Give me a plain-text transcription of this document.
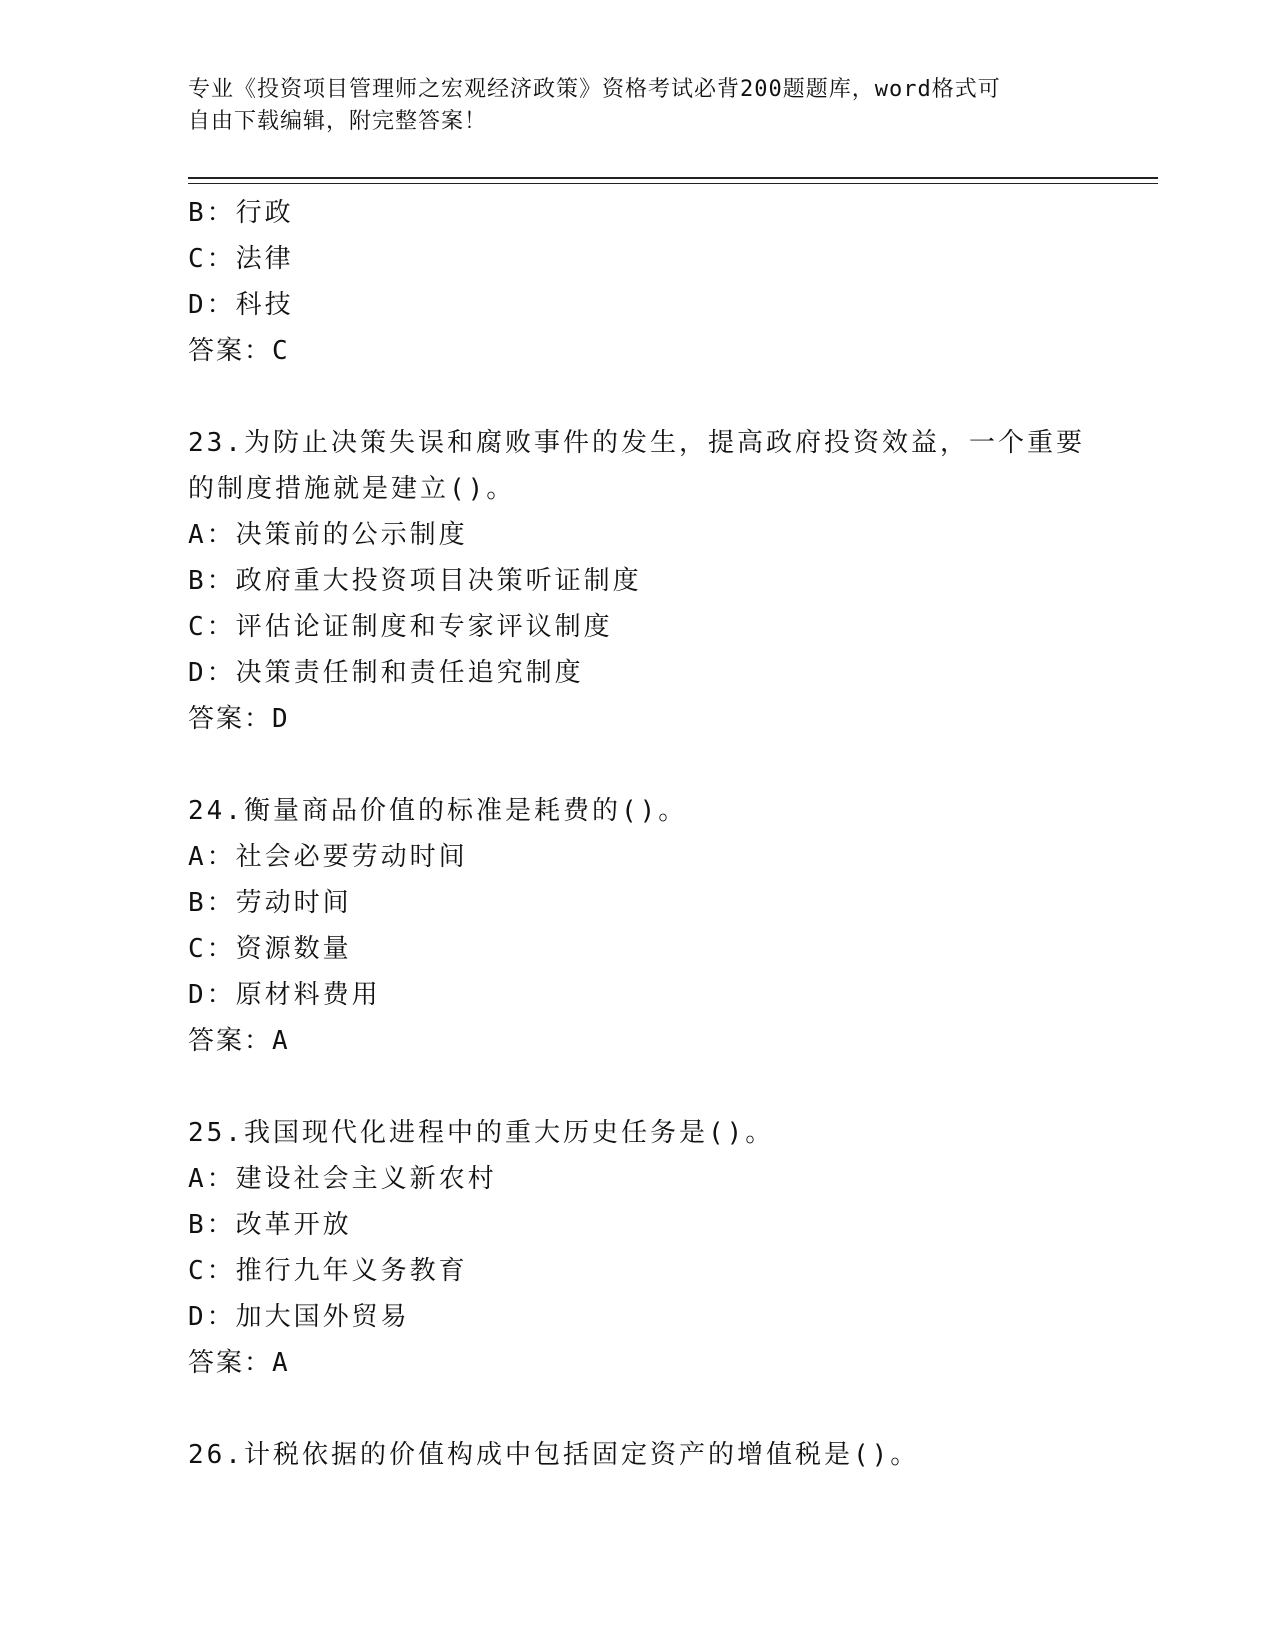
专业《投资项目管理师之宏观经济政策》资格考试必背200题题库，word格式可
自由下载编辑，附完整答案！
B：行政
C：法律
D：科技
答案：C
23.为防止决策失误和腐败事件的发生，提高政府投资效益，一个重要
的制度措施就是建立()。
A：决策前的公示制度
B：政府重大投资项目决策听证制度
C：评估论证制度和专家评议制度
D：决策责任制和责任追究制度
答案：D
24.衡量商品价值的标准是耗费的()。
A：社会必要劳动时间
B：劳动时间
C：资源数量
D：原材料费用
答案：A
25.我国现代化进程中的重大历史任务是()。
A：建设社会主义新农村
B：改革开放
C：推行九年义务教育
D：加大国外贸易
答案：A
26.计税依据的价值构成中包括固定资产的增值税是()。
